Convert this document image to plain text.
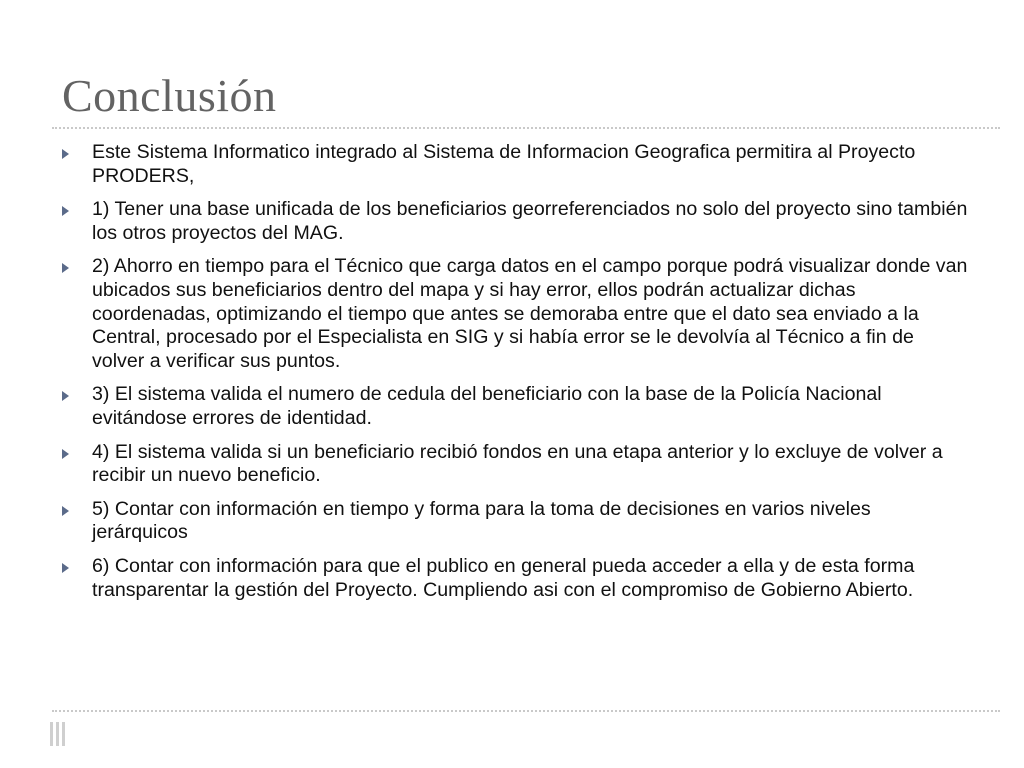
Conclusión
Este Sistema Informatico integrado al Sistema de Informacion Geografica permitira al Proyecto PRODERS,
1) Tener una base unificada de los beneficiarios georreferenciados no solo del proyecto sino también los otros proyectos del MAG.
2) Ahorro en tiempo para el Técnico que carga datos en el campo porque podrá visualizar donde van ubicados sus beneficiarios dentro del mapa y si hay error, ellos podrán actualizar dichas coordenadas, optimizando el tiempo que antes se demoraba entre que el dato sea enviado a la Central, procesado por el Especialista en SIG y si había error se le devolvía al Técnico a fin de volver a verificar sus puntos.
3) El sistema valida el numero de cedula del beneficiario con la base de la Policía Nacional evitándose errores de identidad.
4) El sistema valida si un beneficiario recibió fondos en una etapa anterior y lo excluye de volver a recibir un nuevo beneficio.
5) Contar con información en tiempo y forma para la toma de decisiones en varios niveles jerárquicos
6) Contar con información para que el publico en general pueda acceder a ella y de esta forma transparentar la gestión del Proyecto. Cumpliendo asi con el compromiso de Gobierno Abierto.
